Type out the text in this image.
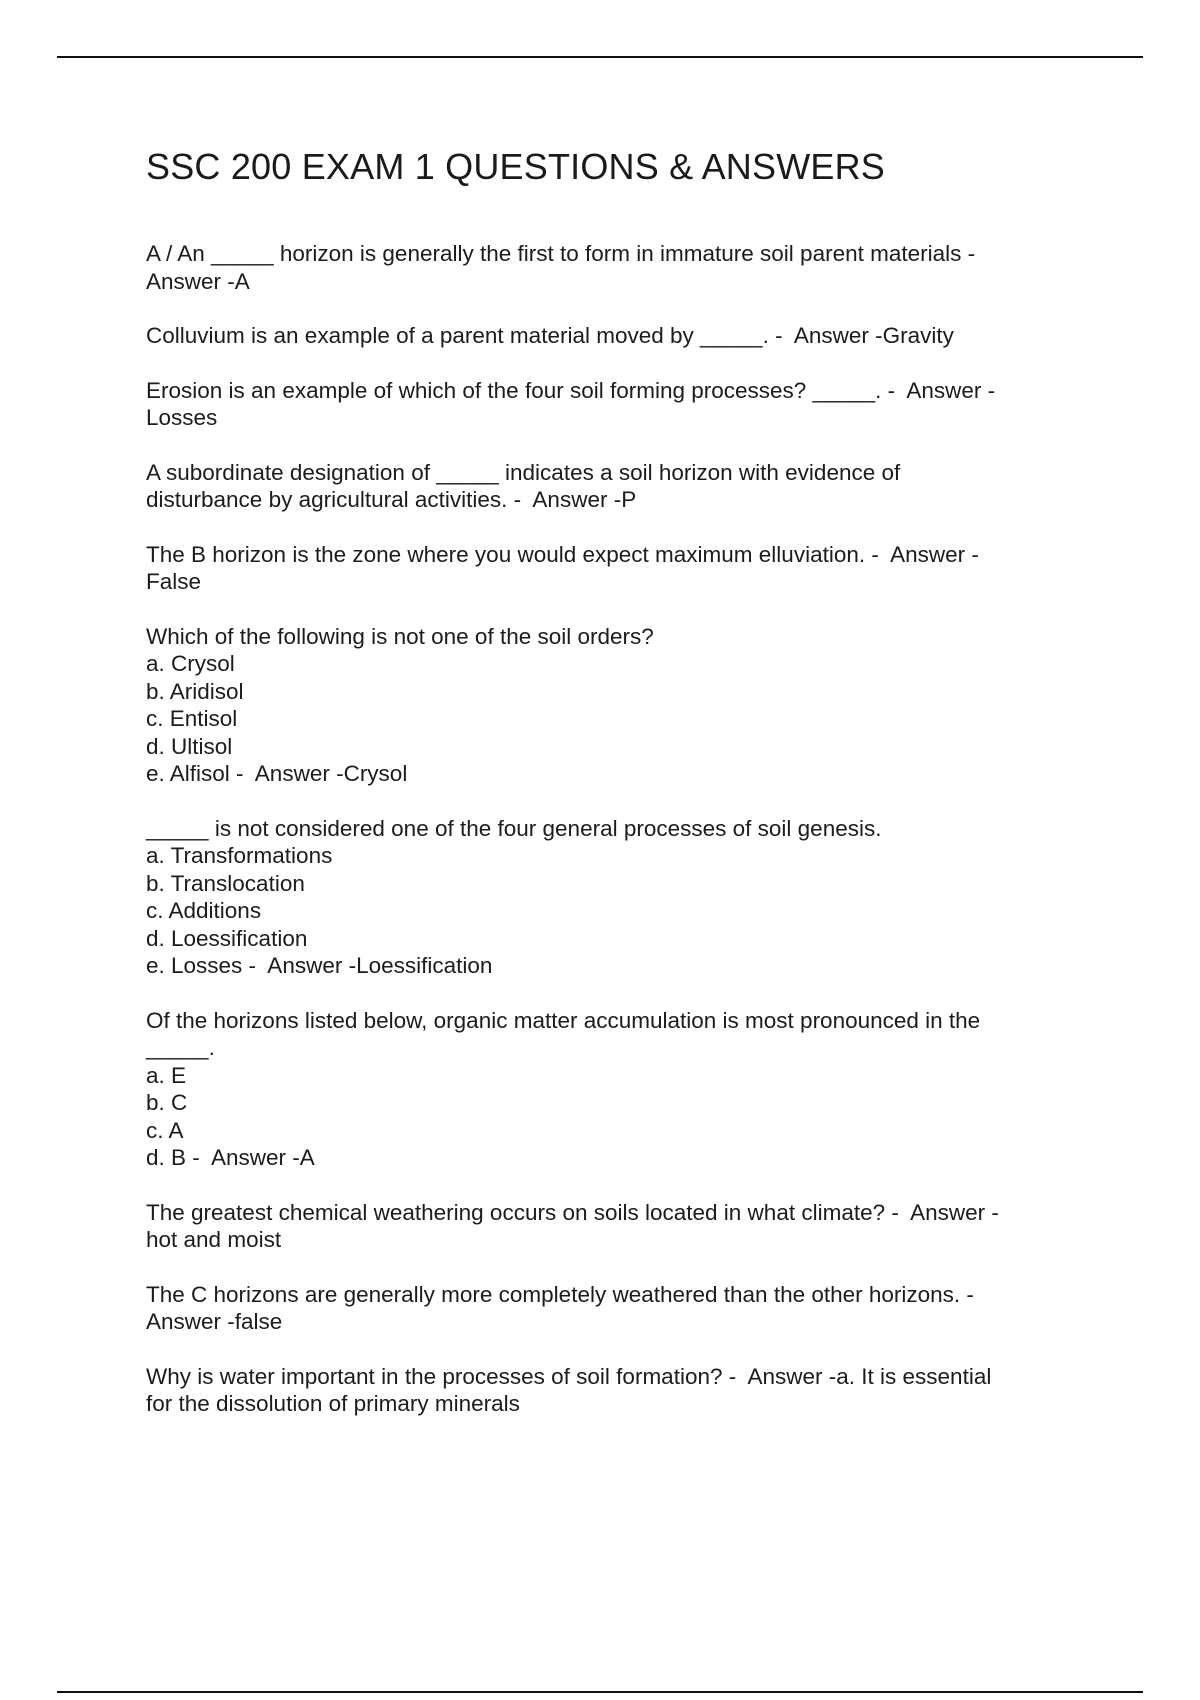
SSC 200 EXAM 1 QUESTIONS & ANSWERS
A / An _____ horizon is generally the first to form in immature soil parent materials -
Answer -A
Colluvium is an example of a parent material moved by _____. -  Answer -Gravity
Erosion is an example of which of the four soil forming processes? _____. -  Answer -
Losses
A subordinate designation of _____ indicates a soil horizon with evidence of
disturbance by agricultural activities. -  Answer -P
The B horizon is the zone where you would expect maximum elluviation. -  Answer -
False
Which of the following is not one of the soil orders?
a. Crysol
b. Aridisol
c. Entisol
d. Ultisol
e. Alfisol -  Answer -Crysol
_____ is not considered one of the four general processes of soil genesis.
a. Transformations
b. Translocation
c. Additions
d. Loessification
e. Losses -  Answer -Loessification
Of the horizons listed below, organic matter accumulation is most pronounced in the
_____.
a. E
b. C
c. A
d. B -  Answer -A
The greatest chemical weathering occurs on soils located in what climate? -  Answer -
hot and moist
The C horizons are generally more completely weathered than the other horizons. -
Answer -false
Why is water important in the processes of soil formation? -  Answer -a. It is essential
for the dissolution of primary minerals
